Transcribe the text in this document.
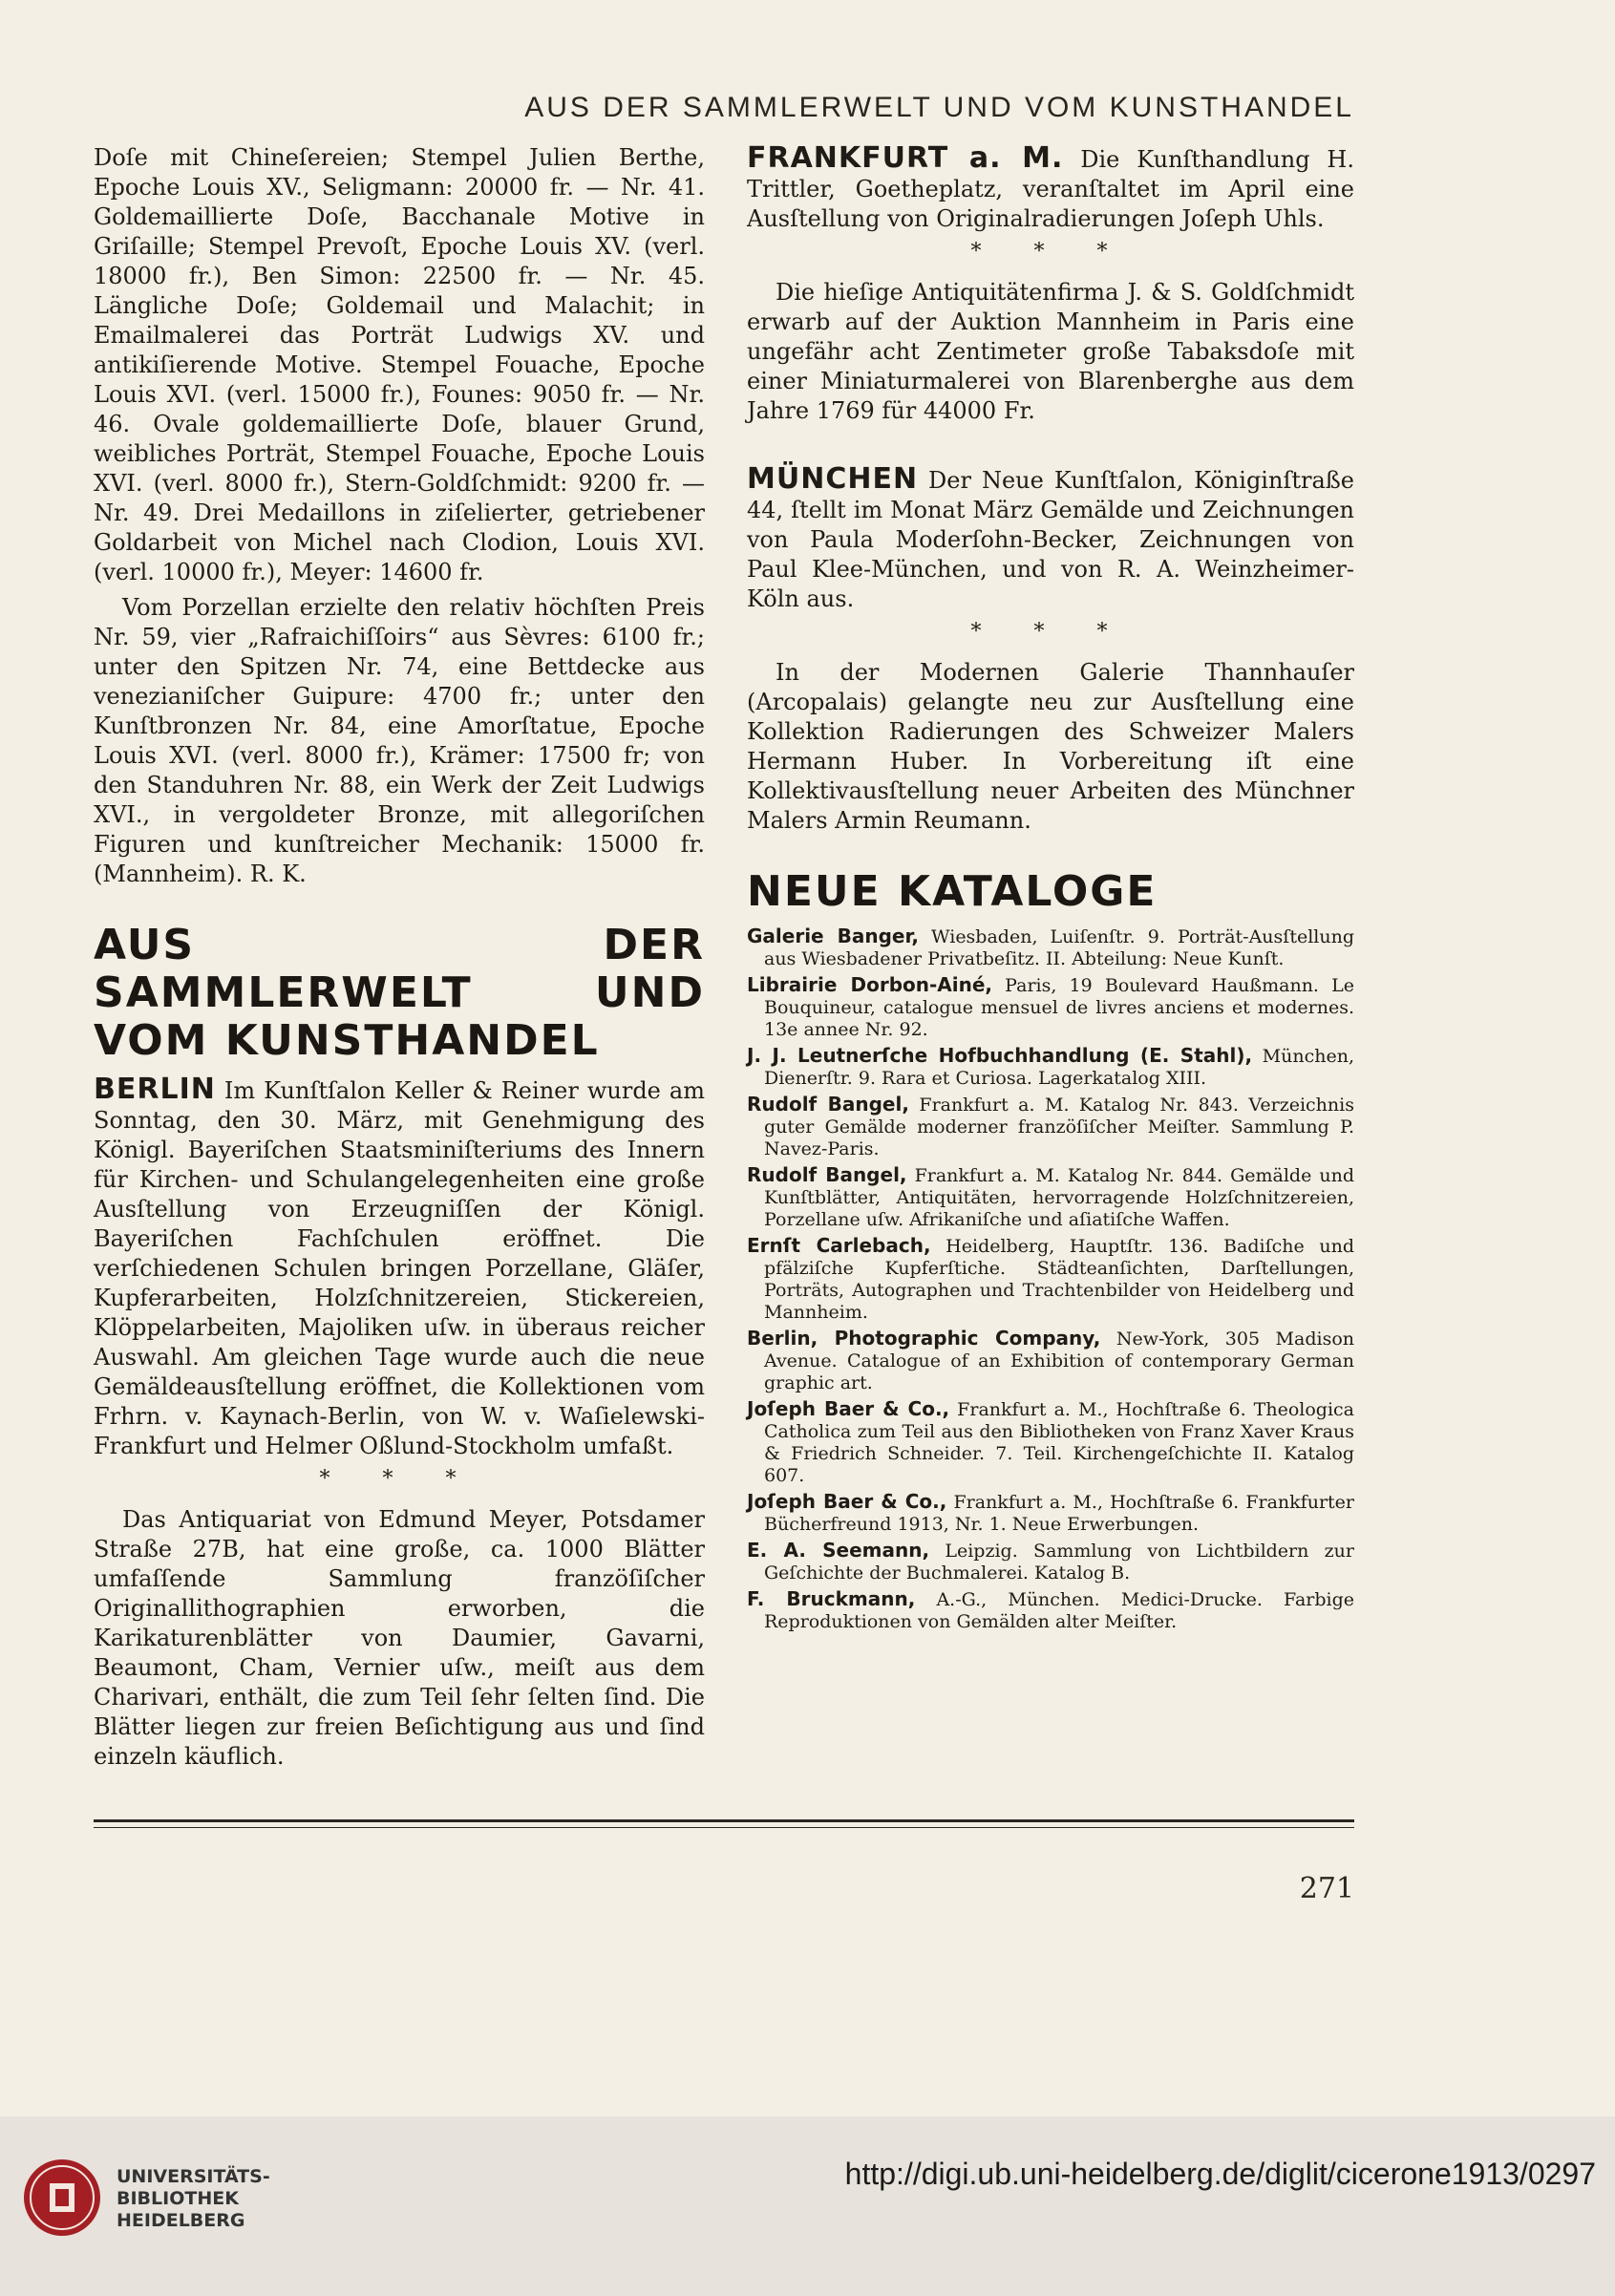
AUS DER SAMMLERWELT UND VOM KUNSTHANDEL

Doſe mit Chineſereien; Stempel Julien Berthe, Epoche Louis XV., Seligmann: 20000 fr. — Nr. 41. Goldemaillierte Doſe, Bacchanale Motive in Griſaille; Stempel Prevoſt, Epoche Louis XV. (verl. 18000 fr.), Ben Simon: 22500 fr. — Nr. 45. Längliche Doſe; Goldemail und Malachit; in Emailmalerei das Porträt Ludwigs XV. und antikiſierende Motive. Stempel Fouache, Epoche Louis XVI. (verl. 15000 fr.), Founes: 9050 fr. — Nr. 46. Ovale goldemaillierte Doſe, blauer Grund, weibliches Porträt, Stempel Fouache, Epoche Louis XVI. (verl. 8000 fr.), Stern-Goldſchmidt: 9200 fr. — Nr. 49. Drei Medaillons in ziſelierter, getriebener Goldarbeit von Michel nach Clodion, Louis XVI. (verl. 10000 fr.), Meyer: 14600 fr.

Vom Porzellan erzielte den relativ höchſten Preis Nr. 59, vier „Rafraichiſſoirs“ aus Sèvres: 6100 fr.; unter den Spitzen Nr. 74, eine Bettdecke aus venezianiſcher Guipure: 4700 fr.; unter den Kunſtbronzen Nr. 84, eine Amorſtatue, Epoche Louis XVI. (verl. 8000 fr.), Krämer: 17500 fr; von den Standuhren Nr. 88, ein Werk der Zeit Ludwigs XVI., in vergoldeter Bronze, mit allegoriſchen Figuren und kunſtreicher Mechanik: 15000 fr. (Mannheim). R. K.

AUS DER SAMMLERWELT UND VOM KUNSTHANDEL

BERLIN Im Kunſtſalon Keller & Reiner wurde am Sonntag, den 30. März, mit Genehmigung des Königl. Bayeriſchen Staatsminiſteriums des Innern für Kirchen- und Schulangelegenheiten eine große Ausſtellung von Erzeugniſſen der Königl. Bayeriſchen Fachſchulen eröffnet. Die verſchiedenen Schulen bringen Porzellane, Gläſer, Kupferarbeiten, Holzſchnitzereien, Stickereien, Klöppelarbeiten, Majoliken uſw. in überaus reicher Auswahl. Am gleichen Tage wurde auch die neue Gemäldeausſtellung eröffnet, die Kollektionen vom Frhrn. v. Kaynach-Berlin, von W. v. Waſielewski-Frankfurt und Helmer Oßlund-Stockholm umfaßt.

* * *

Das Antiquariat von Edmund Meyer, Potsdamer Straße 27B, hat eine große, ca. 1000 Blätter umfaſſende Sammlung franzöſiſcher Originallithographien erworben, die Karikaturenblätter von Daumier, Gavarni, Beaumont, Cham, Vernier uſw., meiſt aus dem Charivari, enthält, die zum Teil ſehr ſelten ſind. Die Blätter liegen zur freien Beſichtigung aus und ſind einzeln käuflich.

FRANKFURT a. M. Die Kunſthandlung H. Trittler, Goetheplatz, veranſtaltet im April eine Ausſtellung von Originalradierungen Joſeph Uhls.

* * *

Die hieſige Antiquitätenfirma J. & S. Goldſchmidt erwarb auf der Auktion Mannheim in Paris eine ungefähr acht Zentimeter große Tabaksdoſe mit einer Miniaturmalerei von Blarenberghe aus dem Jahre 1769 für 44000 Fr.

MÜNCHEN Der Neue Kunſtſalon, Königinſtraße 44, ſtellt im Monat März Gemälde und Zeichnungen von Paula Moderſohn-Becker, Zeichnungen von Paul Klee-München, und von R. A. Weinzheimer-Köln aus.

* * *

In der Modernen Galerie Thannhauſer (Arcopalais) gelangte neu zur Ausſtellung eine Kollektion Radierungen des Schweizer Malers Hermann Huber. In Vorbereitung iſt eine Kollektivausſtellung neuer Arbeiten des Münchner Malers Armin Reumann.

NEUE KATALOGE

Galerie Banger, Wiesbaden, Luiſenſtr. 9. Porträt-Ausſtellung aus Wiesbadener Privatbeſitz. II. Abteilung: Neue Kunſt.

Librairie Dorbon-Ainé, Paris, 19 Boulevard Haußmann. Le Bouquineur, catalogue mensuel de livres anciens et modernes. 13e annee Nr. 92.

J. J. Leutnerſche Hofbuchhandlung (E. Stahl), München, Dienerſtr. 9. Rara et Curiosa. Lagerkatalog XIII.

Rudolf Bangel, Frankfurt a. M. Katalog Nr. 843. Verzeichnis guter Gemälde moderner franzöſiſcher Meiſter. Sammlung P. Navez-Paris.

Rudolf Bangel, Frankfurt a. M. Katalog Nr. 844. Gemälde und Kunſtblätter, Antiquitäten, hervorragende Holzſchnitzereien, Porzellane uſw. Afrikaniſche und aſiatiſche Waffen.

Ernſt Carlebach, Heidelberg, Hauptſtr. 136. Badiſche und pfälziſche Kupferſtiche. Städteanſichten, Darſtellungen, Porträts, Autographen und Trachtenbilder von Heidelberg und Mannheim.

Berlin, Photographic Company, New-York, 305 Madison Avenue. Catalogue of an Exhibition of contemporary German graphic art.

Joſeph Baer & Co., Frankfurt a. M., Hochſtraße 6. Theologica Catholica zum Teil aus den Bibliotheken von Franz Xaver Kraus & Friedrich Schneider. 7. Teil. Kirchengeſchichte II. Katalog 607.

Joſeph Baer & Co., Frankfurt a. M., Hochſtraße 6. Frankfurter Bücherfreund 1913, Nr. 1. Neue Erwerbungen.

E. A. Seemann, Leipzig. Sammlung von Lichtbildern zur Geſchichte der Buchmalerei. Katalog B.

F. Bruckmann, A.-G., München. Medici-Drucke. Farbige Reproduktionen von Gemälden alter Meiſter.

271
UNIVERSITÄTS-
BIBLIOTHEK
HEIDELBERG
http://digi.ub.uni-heidelberg.de/diglit/cicerone1913/0297
